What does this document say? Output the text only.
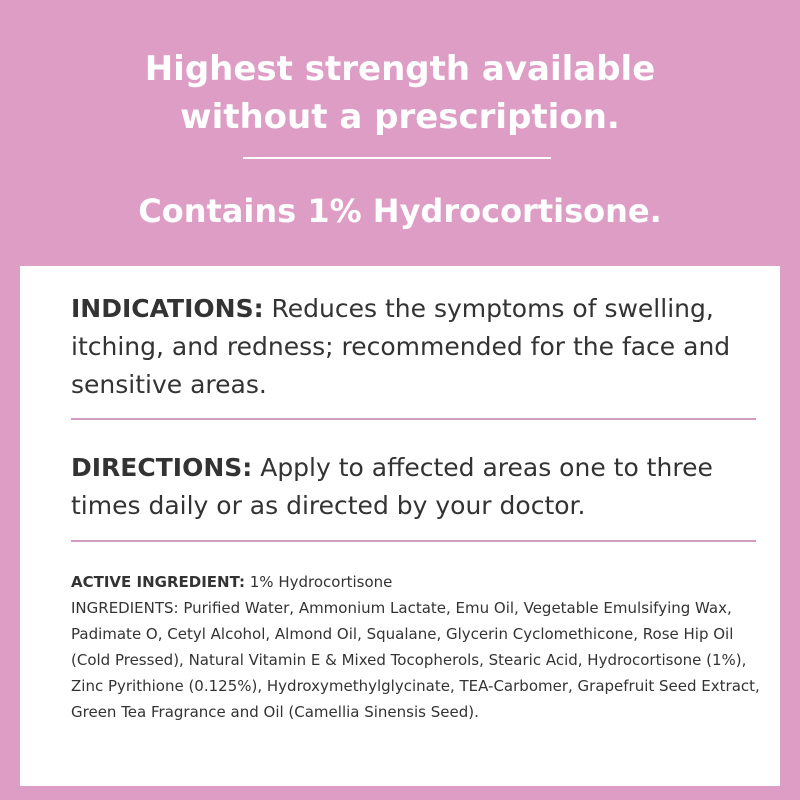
Highest strength available
without a prescription.
Contains 1% Hydrocortisone.

INDICATIONS: Reduces the symptoms of swelling, itching, and redness; recommended for the face and sensitive areas.

DIRECTIONS: Apply to affected areas one to three times daily or as directed by your doctor.

ACTIVE INGREDIENT: 1% Hydrocortisone

INGREDIENTS: Purified Water, Ammonium Lactate, Emu Oil, Vegetable Emulsifying Wax, Padimate O, Cetyl Alcohol, Almond Oil, Squalane, Glycerin Cyclomethicone, Rose Hip Oil (Cold Pressed), Natural Vitamin E & Mixed Tocopherols, Stearic Acid, Hydrocortisone (1%), Zinc Pyrithione (0.125%), Hydroxymethylglycinate, TEA-Carbomer, Grapefruit Seed Extract, Green Tea Fragrance and Oil (Camellia Sinensis Seed).
